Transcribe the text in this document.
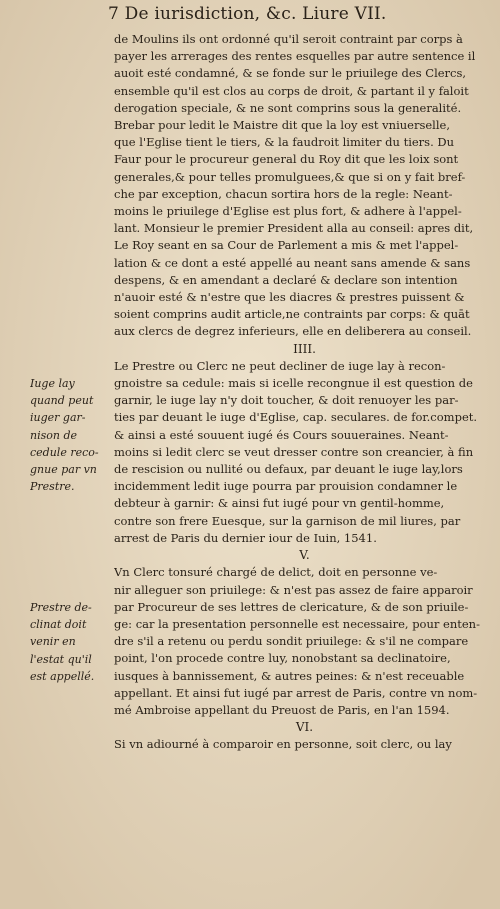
7 De iurisdiction, &c. Liure VII.
Iuge lay
quand peut
iuger gar-
nison de
cedule reco-
gnue par vn
Prestre.
Prestre de-
clinat doit
venir en
l'estat qu'il
est appellé.
de Moulins ils ont ordonné qu'il seroit contraint par corps à
payer les arrerages des rentes esquelles par autre sentence il
auoit esté condamné, & se fonde sur le priuilege des Clercs,
ensemble qu'il est clos au corps de droit, & partant il y faloit
derogation speciale, & ne sont comprins sous la generalité.
Brebar pour ledit le Maistre dit que la loy est vniuerselle,
que l'Eglise tient le tiers, & la faudroit limiter du tiers. Du
Faur pour le procureur general du Roy dit que les loix sont
generales,& pour telles promulguees,& que si on y fait bref-
che par exception, chacun sortira hors de la regle: Neant-
moins le priuilege d'Eglise est plus fort, & adhere à l'appel-
lant. Monsieur le premier President alla au conseil: apres dit,
Le Roy seant en sa Cour de Parlement a mis & met l'appel-
lation & ce dont a esté appellé au neant sans amende & sans
despens, & en amendant a declaré & declare son intention
n'auoir esté & n'estre que les diacres & prestres puissent &
soient comprins audit article,ne contraints par corps: & quāt
aux clercs de degrez inferieurs, elle en deliberera au conseil.
IIII.
Le Prestre ou Clerc ne peut decliner de iuge lay à recon-
gnoistre sa cedule: mais si icelle recongnue il est question de
garnir, le iuge lay n'y doit toucher, & doit renuoyer les par-
ties par deuant le iuge d'Eglise, cap. seculares. de for.compet.
& ainsi a esté souuent iugé és Cours souueraines. Neant-
moins si ledit clerc se veut dresser contre son creancier, à fin
de rescision ou nullité ou defaux, par deuant le iuge lay,lors
incidemment ledit iuge pourra par prouision condamner le
debteur à garnir: & ainsi fut iugé pour vn gentil-homme,
contre son frere Euesque, sur la garnison de mil liures, par
arrest de Paris du dernier iour de Iuin, 1541.
V.
Vn Clerc tonsuré chargé de delict, doit en personne ve-
nir alleguer son priuilege: & n'est pas assez de faire apparoir
par Procureur de ses lettres de clericature, & de son priuile-
ge: car la presentation personnelle est necessaire, pour enten-
dre s'il a retenu ou perdu sondit priuilege: & s'il ne compare
point, l'on procede contre luy, nonobstant sa declinatoire,
iusques à bannissement, & autres peines: & n'est receuable
appellant. Et ainsi fut iugé par arrest de Paris, contre vn nom-
mé Ambroise appellant du Preuost de Paris, en l'an 1594.
VI.
Si vn adiourné à comparoir en personne, soit clerc, ou lay
